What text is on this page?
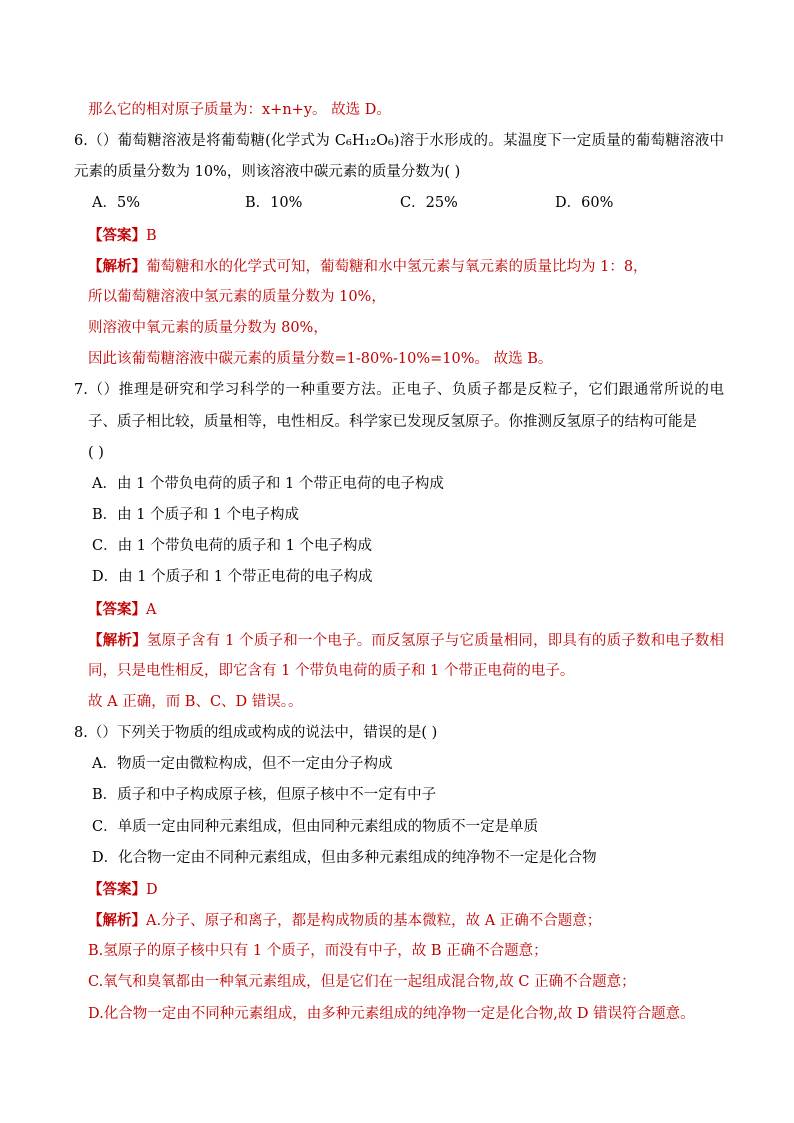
那么它的相对原子质量为：x+n+y。 故选 D。
6.（）葡萄糖溶液是将葡萄糖(化学式为 C₆H₁₂O₆)溶于水形成的。某温度下一定质量的葡萄糖溶液中
元素的质量分数为 10%，则该溶液中碳元素的质量分数为( )
A．5%	B．10%	C．25%	D．60%
【答案】B
【解析】葡萄糖和水的化学式可知，葡萄糖和水中氢元素与氧元素的质量比均为 1：8，
所以葡萄糖溶液中氢元素的质量分数为 10%，
则溶液中氧元素的质量分数为 80%，
因此该葡萄糖溶液中碳元素的质量分数=1-80%-10%=10%。 故选 B。
7.（）推理是研究和学习科学的一种重要方法。正电子、负质子都是反粒子，它们跟通常所说的电
子、质子相比较，质量相等，电性相反。科学家已发现反氢原子。你推测反氢原子的结构可能是
( )
A．由 1 个带负电荷的质子和 1 个带正电荷的电子构成
B．由 1 个质子和 1 个电子构成
C．由 1 个带负电荷的质子和 1 个电子构成
D．由 1 个质子和 1 个带正电荷的电子构成
【答案】A
【解析】氢原子含有 1 个质子和一个电子。而反氢原子与它质量相同，即具有的质子数和电子数相
同，只是电性相反，即它含有 1 个带负电荷的质子和 1 个带正电荷的电子。
故 A 正确，而 B、C、D 错误。。
8.（）下列关于物质的组成或构成的说法中，错误的是( )
A．物质一定由微粒构成，但不一定由分子构成
B．质子和中子构成原子核，但原子核中不一定有中子
C．单质一定由同种元素组成，但由同种元素组成的物质不一定是单质
D．化合物一定由不同种元素组成，但由多种元素组成的纯净物不一定是化合物
【答案】D
【解析】A.分子、原子和离子，都是构成物质的基本微粒，故 A 正确不合题意；
B.氢原子的原子核中只有 1 个质子，而没有中子，故 B 正确不合题意；
C.氧气和臭氧都由一种氧元素组成，但是它们在一起组成混合物,故 C 正确不合题意；
D.化合物一定由不同种元素组成，由多种元素组成的纯净物一定是化合物,故 D 错误符合题意。
